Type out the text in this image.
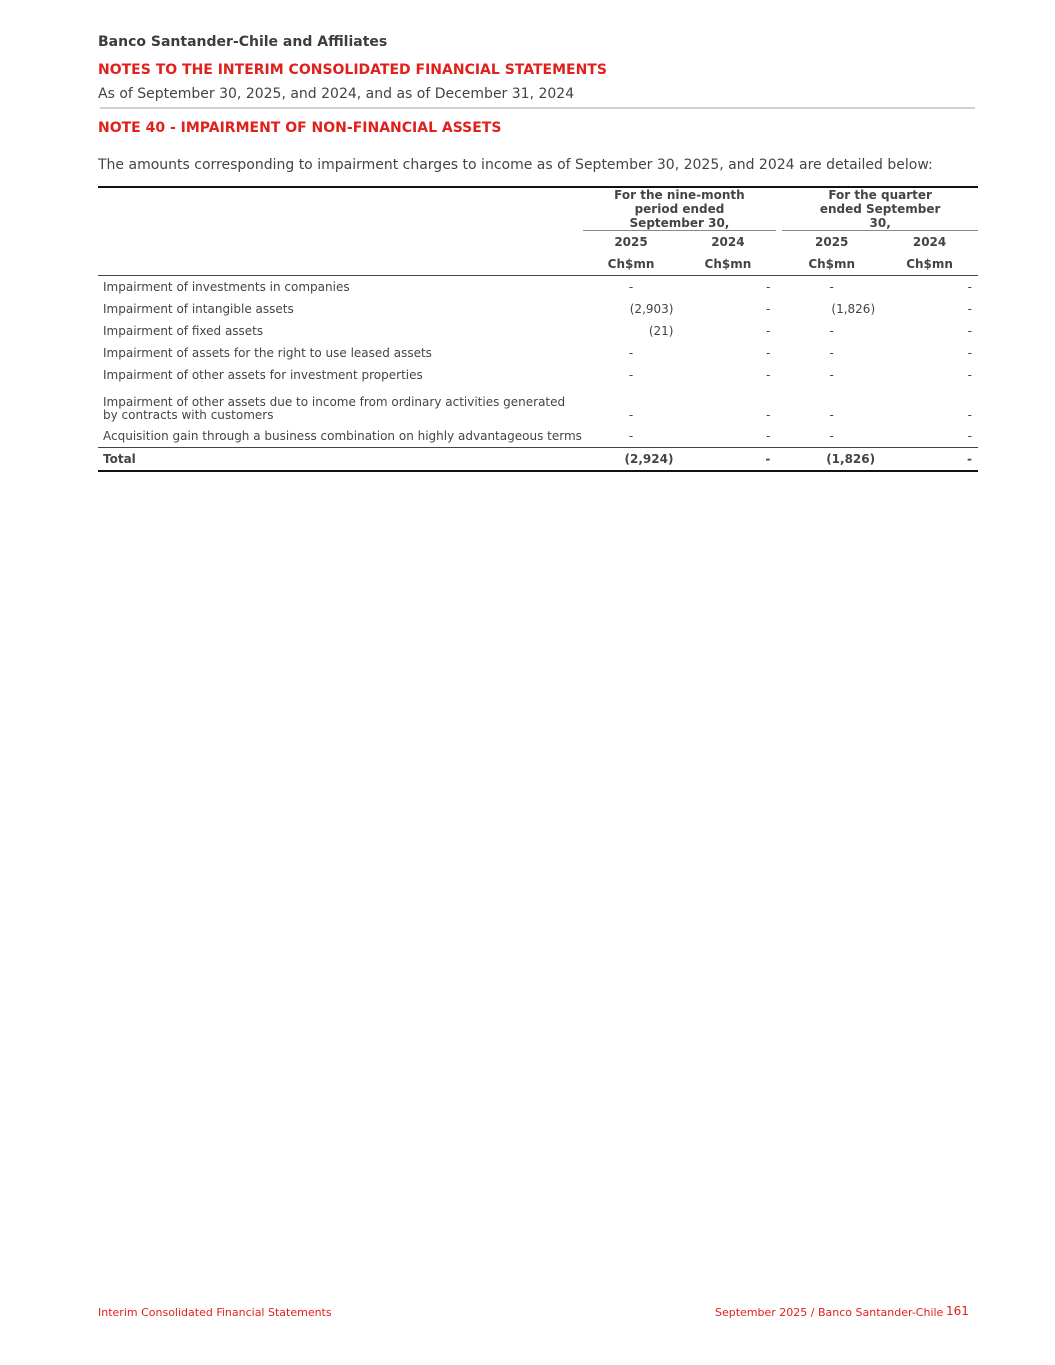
Banco Santander-Chile and Affiliates
NOTES TO THE INTERIM CONSOLIDATED FINANCIAL STATEMENTS
As of September 30, 2025, and 2024, and as of December 31, 2024
NOTE 40 - IMPAIRMENT OF NON-FINANCIAL ASSETS
The amounts corresponding to impairment charges to income as of September 30, 2025, and 2024 are detailed below:

	For the nine-month period ended September 30,			For the quarter ended September 30,	

	2025	2024		2025	2024
	Ch$mn	Ch$mn		Ch$mn	Ch$mn
Impairment of investments in companies	-	-		-	-
Impairment of intangible assets	(2,903)	-		(1,826)	-
Impairment of fixed assets	(21)	-		-	-
Impairment of assets for the right to use leased assets	-	-		-	-
Impairment of other assets for investment properties	-	-		-	-
Impairment of other assets due to income from ordinary activities generated by contracts with customers	-	-		-	-
Acquisition gain through a business combination on highly advantageous terms	-	-		-	-
Total	(2,924)	-		(1,826)	-
Interim Consolidated Financial Statements	September 2025 / Banco Santander-Chile 161
